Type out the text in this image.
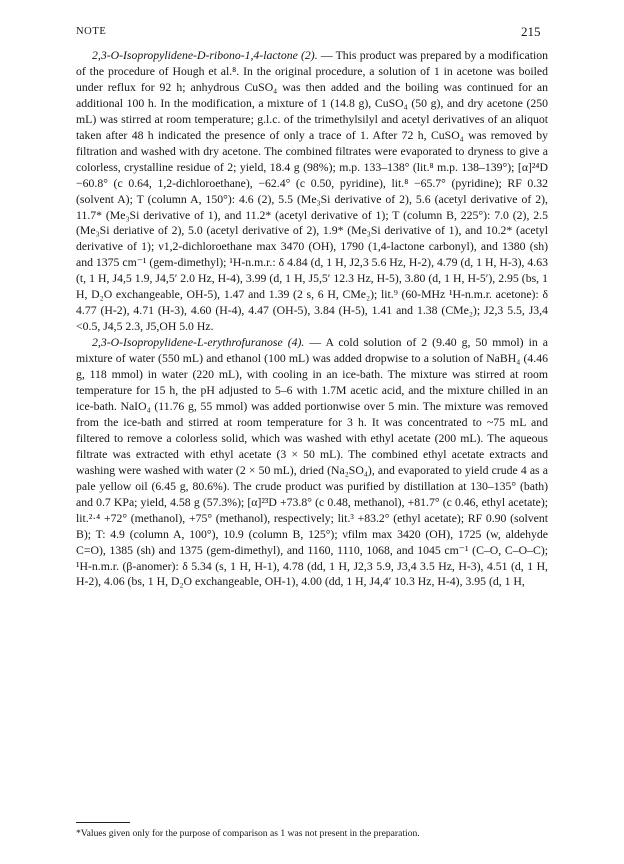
NOTE	215

2,3-O-Isopropylidene-D-ribono-1,4-lactone (2). — This product was prepared by a modification of the procedure of Hough et al.⁸. In the original procedure, a solution of 1 in acetone was boiled under reflux for 92 h; anhydrous CuSO₄ was then added and the boiling was continued for an additional 100 h. In the modification, a mixture of 1 (14.8 g), CuSO₄ (50 g), and dry acetone (250 mL) was stirred at room temperature; g.l.c. of the trimethylsilyl and acetyl derivatives of an aliquot taken after 48 h indicated the presence of only a trace of 1. After 72 h, CuSO₄ was removed by filtration and washed with dry acetone. The combined filtrates were evaporated to dryness to give a colorless, crystalline residue of 2; yield, 18.4 g (98%); m.p. 133–138° (lit.⁸ m.p. 138–139°); [α]²⁴D −60.8° (c 0.64, 1,2-dichloroethane), −62.4° (c 0.50, pyridine), lit.⁸ −65.7° (pyridine); RF 0.32 (solvent A); T (column A, 150°): 4.6 (2), 5.5 (Me₃Si derivative of 2), 5.6 (acetyl derivative of 2), 11.7* (Me₃Si derivative of 1), and 11.2* (acetyl derivative of 1); T (column B, 225°): 7.0 (2), 2.5 (Me₃Si deriative of 2), 5.0 (acetyl derivative of 2), 1.9* (Me₃Si derivative of 1), and 10.2* (acetyl derivative of 1); ν1,2-dichloroethane max 3470 (OH), 1790 (1,4-lactone carbonyl), and 1380 (sh) and 1375 cm⁻¹ (gem-dimethyl); ¹H-n.m.r.: δ 4.84 (d, 1 H, J2,3 5.6 Hz, H-2), 4.79 (d, 1 H, H-3), 4.63 (t, 1 H, J4,5 1.9, J4,5′ 2.0 Hz, H-4), 3.99 (d, 1 H, J5,5′ 12.3 Hz, H-5), 3.80 (d, 1 H, H-5′), 2.95 (bs, 1 H, D₂O exchangeable, OH-5), 1.47 and 1.39 (2 s, 6 H, CMe₂); lit.⁹ (60-MHz ¹H-n.m.r. acetone): δ 4.77 (H-2), 4.71 (H-3), 4.60 (H-4), 4.47 (OH-5), 3.84 (H-5), 1.41 and 1.38 (CMe₂); J2,3 5.5, J3,4 <0.5, J4,5 2.3, J5,OH 5.0 Hz.

2,3-O-Isopropylidene-L-erythrofuranose (4). — A cold solution of 2 (9.40 g, 50 mmol) in a mixture of water (550 mL) and ethanol (100 mL) was added dropwise to a solution of NaBH₄ (4.46 g, 118 mmol) in water (220 mL), with cooling in an ice-bath. The mixture was stirred at room temperature for 15 h, the pH adjusted to 5–6 with 1.7M acetic acid, and the mixture chilled in an ice-bath. NaIO₄ (11.76 g, 55 mmol) was added portionwise over 5 min. The mixture was removed from the ice-bath and stirred at room temperature for 3 h. It was concentrated to ~75 mL and filtered to remove a colorless solid, which was washed with ethyl acetate (200 mL). The aqueous filtrate was extracted with ethyl acetate (3 × 50 mL). The combined ethyl acetate extracts and washing were washed with water (2 × 50 mL), dried (Na₂SO₄), and evaporated to yield crude 4 as a pale yellow oil (6.45 g, 80.6%). The crude product was purified by distillation at 130–135° (bath) and 0.7 KPa; yield, 4.58 g (57.3%); [α]²³D +73.8° (c 0.48, methanol), +81.7° (c 0.46, ethyl acetate); lit.²·⁴ +72° (methanol), +75° (methanol), respectively; lit.³ +83.2° (ethyl acetate); RF 0.90 (solvent B); T: 4.9 (column A, 100°), 10.9 (column B, 125°); νfilm max 3420 (OH), 1725 (w, aldehyde C=O), 1385 (sh) and 1375 (gem-dimethyl), and 1160, 1110, 1068, and 1045 cm⁻¹ (C–O, C–O–C); ¹H-n.m.r. (β-anomer): δ 5.34 (s, 1 H, H-1), 4.78 (dd, 1 H, J2,3 5.9, J3,4 3.5 Hz, H-3), 4.51 (d, 1 H, H-2), 4.06 (bs, 1 H, D₂O exchangeable, OH-1), 4.00 (dd, 1 H, J4,4′ 10.3 Hz, H-4), 3.95 (d, 1 H,

*Values given only for the purpose of comparison as 1 was not present in the preparation.
